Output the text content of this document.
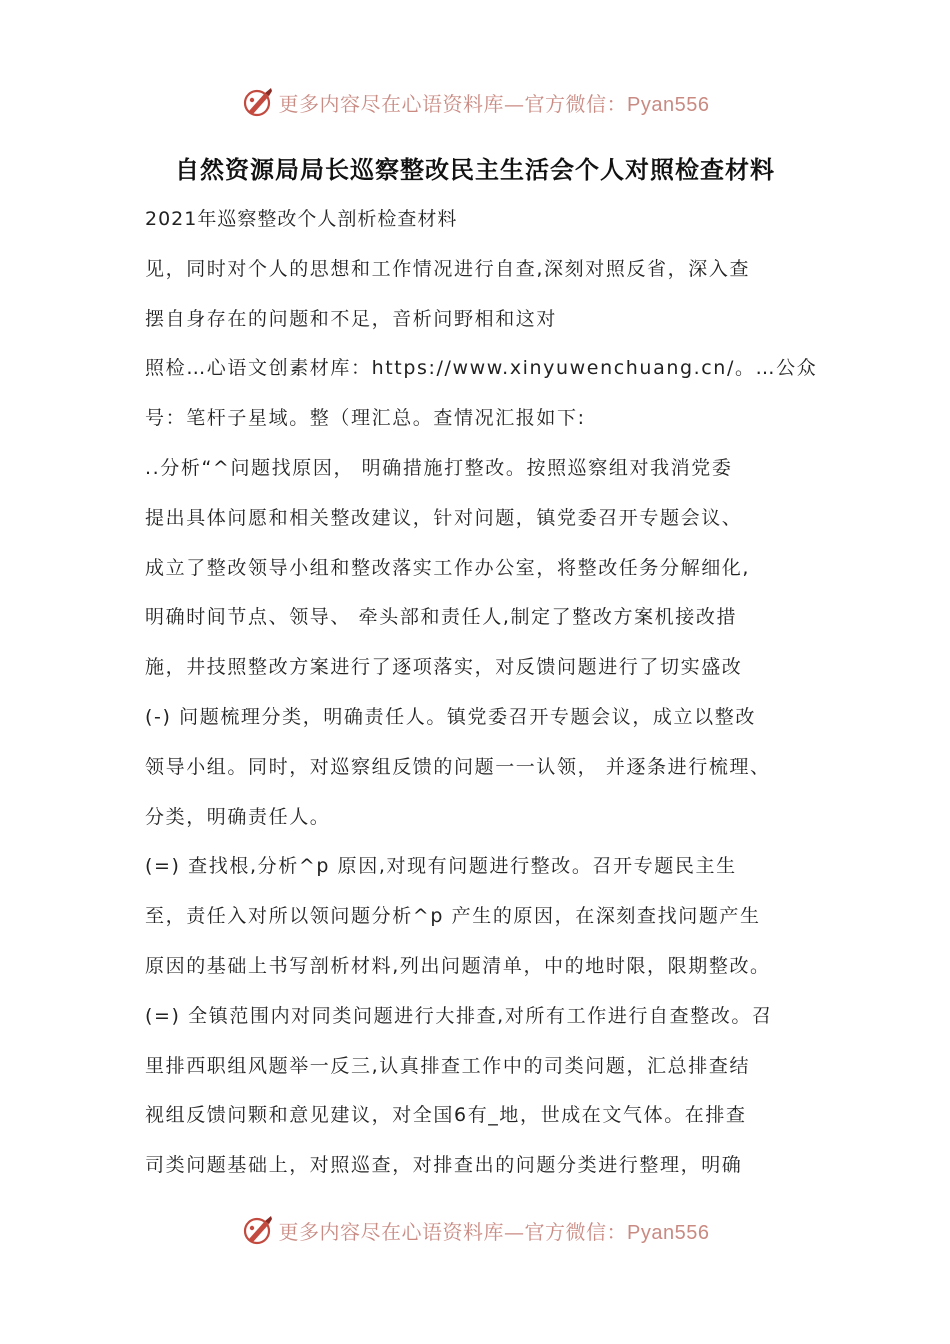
更多内容尽在心语资料库—官方微信：Pyan556
自然资源局局长巡察整改民主生活会个人对照检查材料
2021年巡察整改个人剖析检查材料
见，同时对个人的思想和工作情况进行自查,深刻对照反省，深入查
摆自身存在的问题和不足，音析问野相和这对
照检…心语文创素材库：https://www.xinyuwenchuang.cn/。…公众
号：笔杆子星域。整（理汇总。查情况汇报如下:
..分析“^问题找原因， 明确措施打整改。按照巡察组对我消党委
提出具体问愿和相关整改建议，针对问题，镇党委召开专题会议、
成立了整改领导小组和整改落实工作办公室，将整改任务分解细化,
明确时间节点、领导、 牵头部和责任人,制定了整改方案机接改措
施，井技照整改方案进行了逐项落实，对反馈问题进行了切实盛改
(-) 问题梳理分类，明确责任人。镇党委召开专题会议，成立以整改
领导小组。同时，对巡察组反馈的问题一一认领， 并逐条进行梳理、
分类，明确责任人。
(=) 查找根,分析^p 原因,对现有问题进行整改。召开专题民主生
至，责任入对所以领问题分析^p 产生的原因，在深刻查找问题产生
原因的基础上书写剖析材料,列出问题清单，中的地时限，限期整改。
(=) 全镇范围内对同类问题进行大排查,对所有工作进行自查整改。召
里排西职组风题举一反三,认真排查工作中的司类问题，汇总排查结
视组反馈问颗和意见建议，对全国6有_地，世成在文气体。在排查
司类问题基础上，对照巡查，对排查出的问题分类进行整理，明确
更多内容尽在心语资料库—官方微信：Pyan556
